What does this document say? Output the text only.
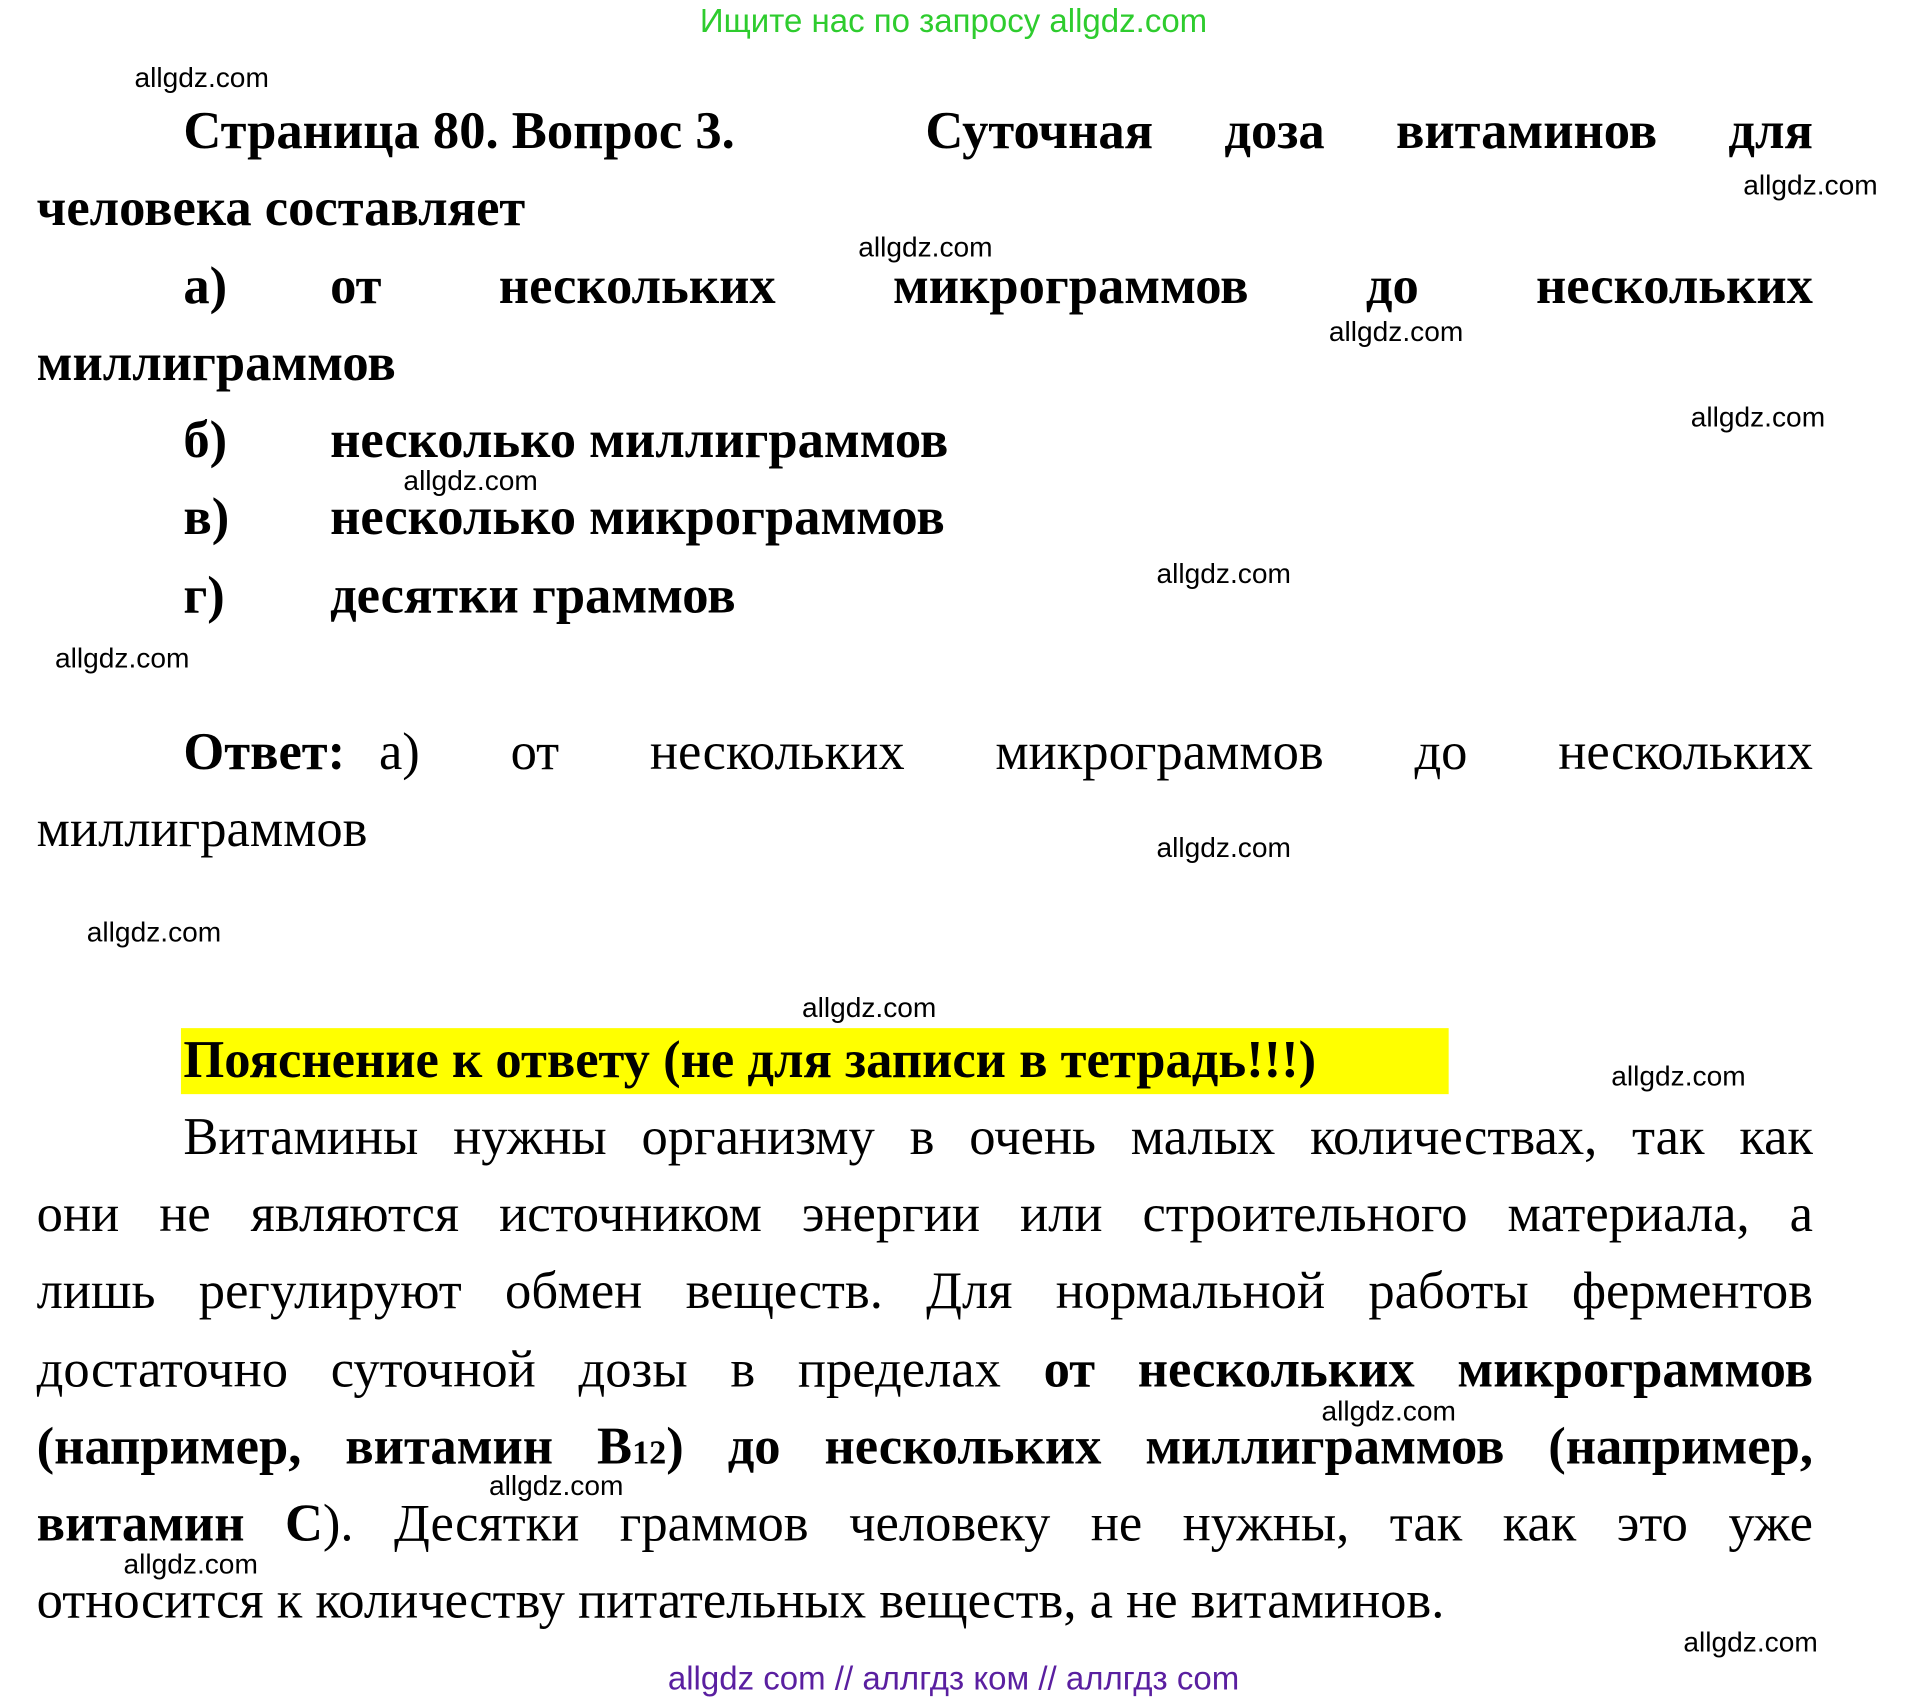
Ищите нас по запросу allgdz.com
Страница 80. Вопрос 3.	Суточная доза витаминов для
человека составляет
а) от нескольких микрограммов до нескольких
миллиграммов
б) несколько миллиграммов
в) несколько микрограммов
г) десятки граммов
Ответ: а) от нескольких микрограммов до нескольких
миллиграммов
Пояснение к ответу (не для записи в тетрадь!!!)
Витамины нужны организму в очень малых количествах, так как
они не являются источником энергии или строительного материала, а
лишь регулируют обмен веществ. Для нормальной работы ферментов
достаточно суточной дозы в пределах от нескольких микрограммов
(например, витамин В12) до нескольких миллиграммов (например,
витамин С). Десятки граммов человеку не нужны, так как это уже
относится к количеству питательных веществ, а не витаминов.
allgdz.com
allgdz.com
allgdz.com
allgdz.com
allgdz.com
allgdz.com
allgdz.com
allgdz.com
allgdz.com
allgdz.com
allgdz.com
allgdz.com
allgdz.com
allgdz.com
allgdz.com
allgdz.com
allgdz com // аллгдз ком // аллгдз com
